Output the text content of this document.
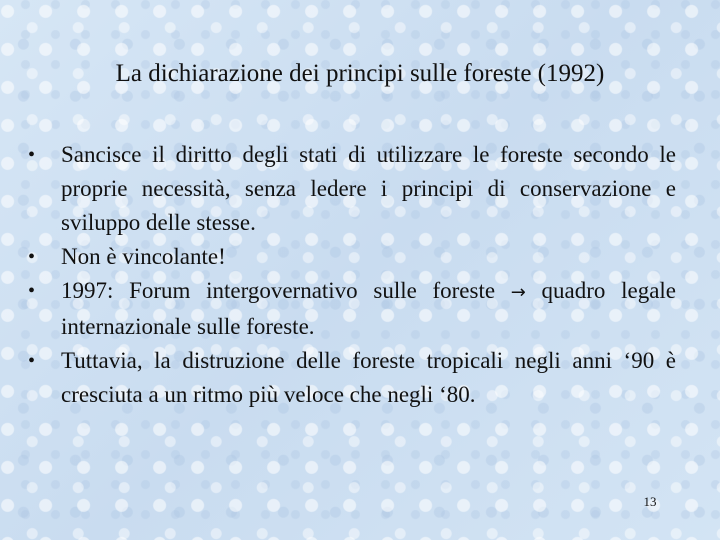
La dichiarazione dei principi sulle foreste (1992)
•	Sancisce il diritto degli stati di utilizzare le foreste secondo le proprie necessità, senza ledere i principi di conservazione e sviluppo delle stesse.
•	Non è vincolante!
•	1997: Forum intergovernativo sulle foreste → quadro legale internazionale sulle foreste.
•	Tuttavia, la distruzione delle foreste tropicali negli anni ‘90 è cresciuta a un ritmo più veloce che negli ‘80.
13
